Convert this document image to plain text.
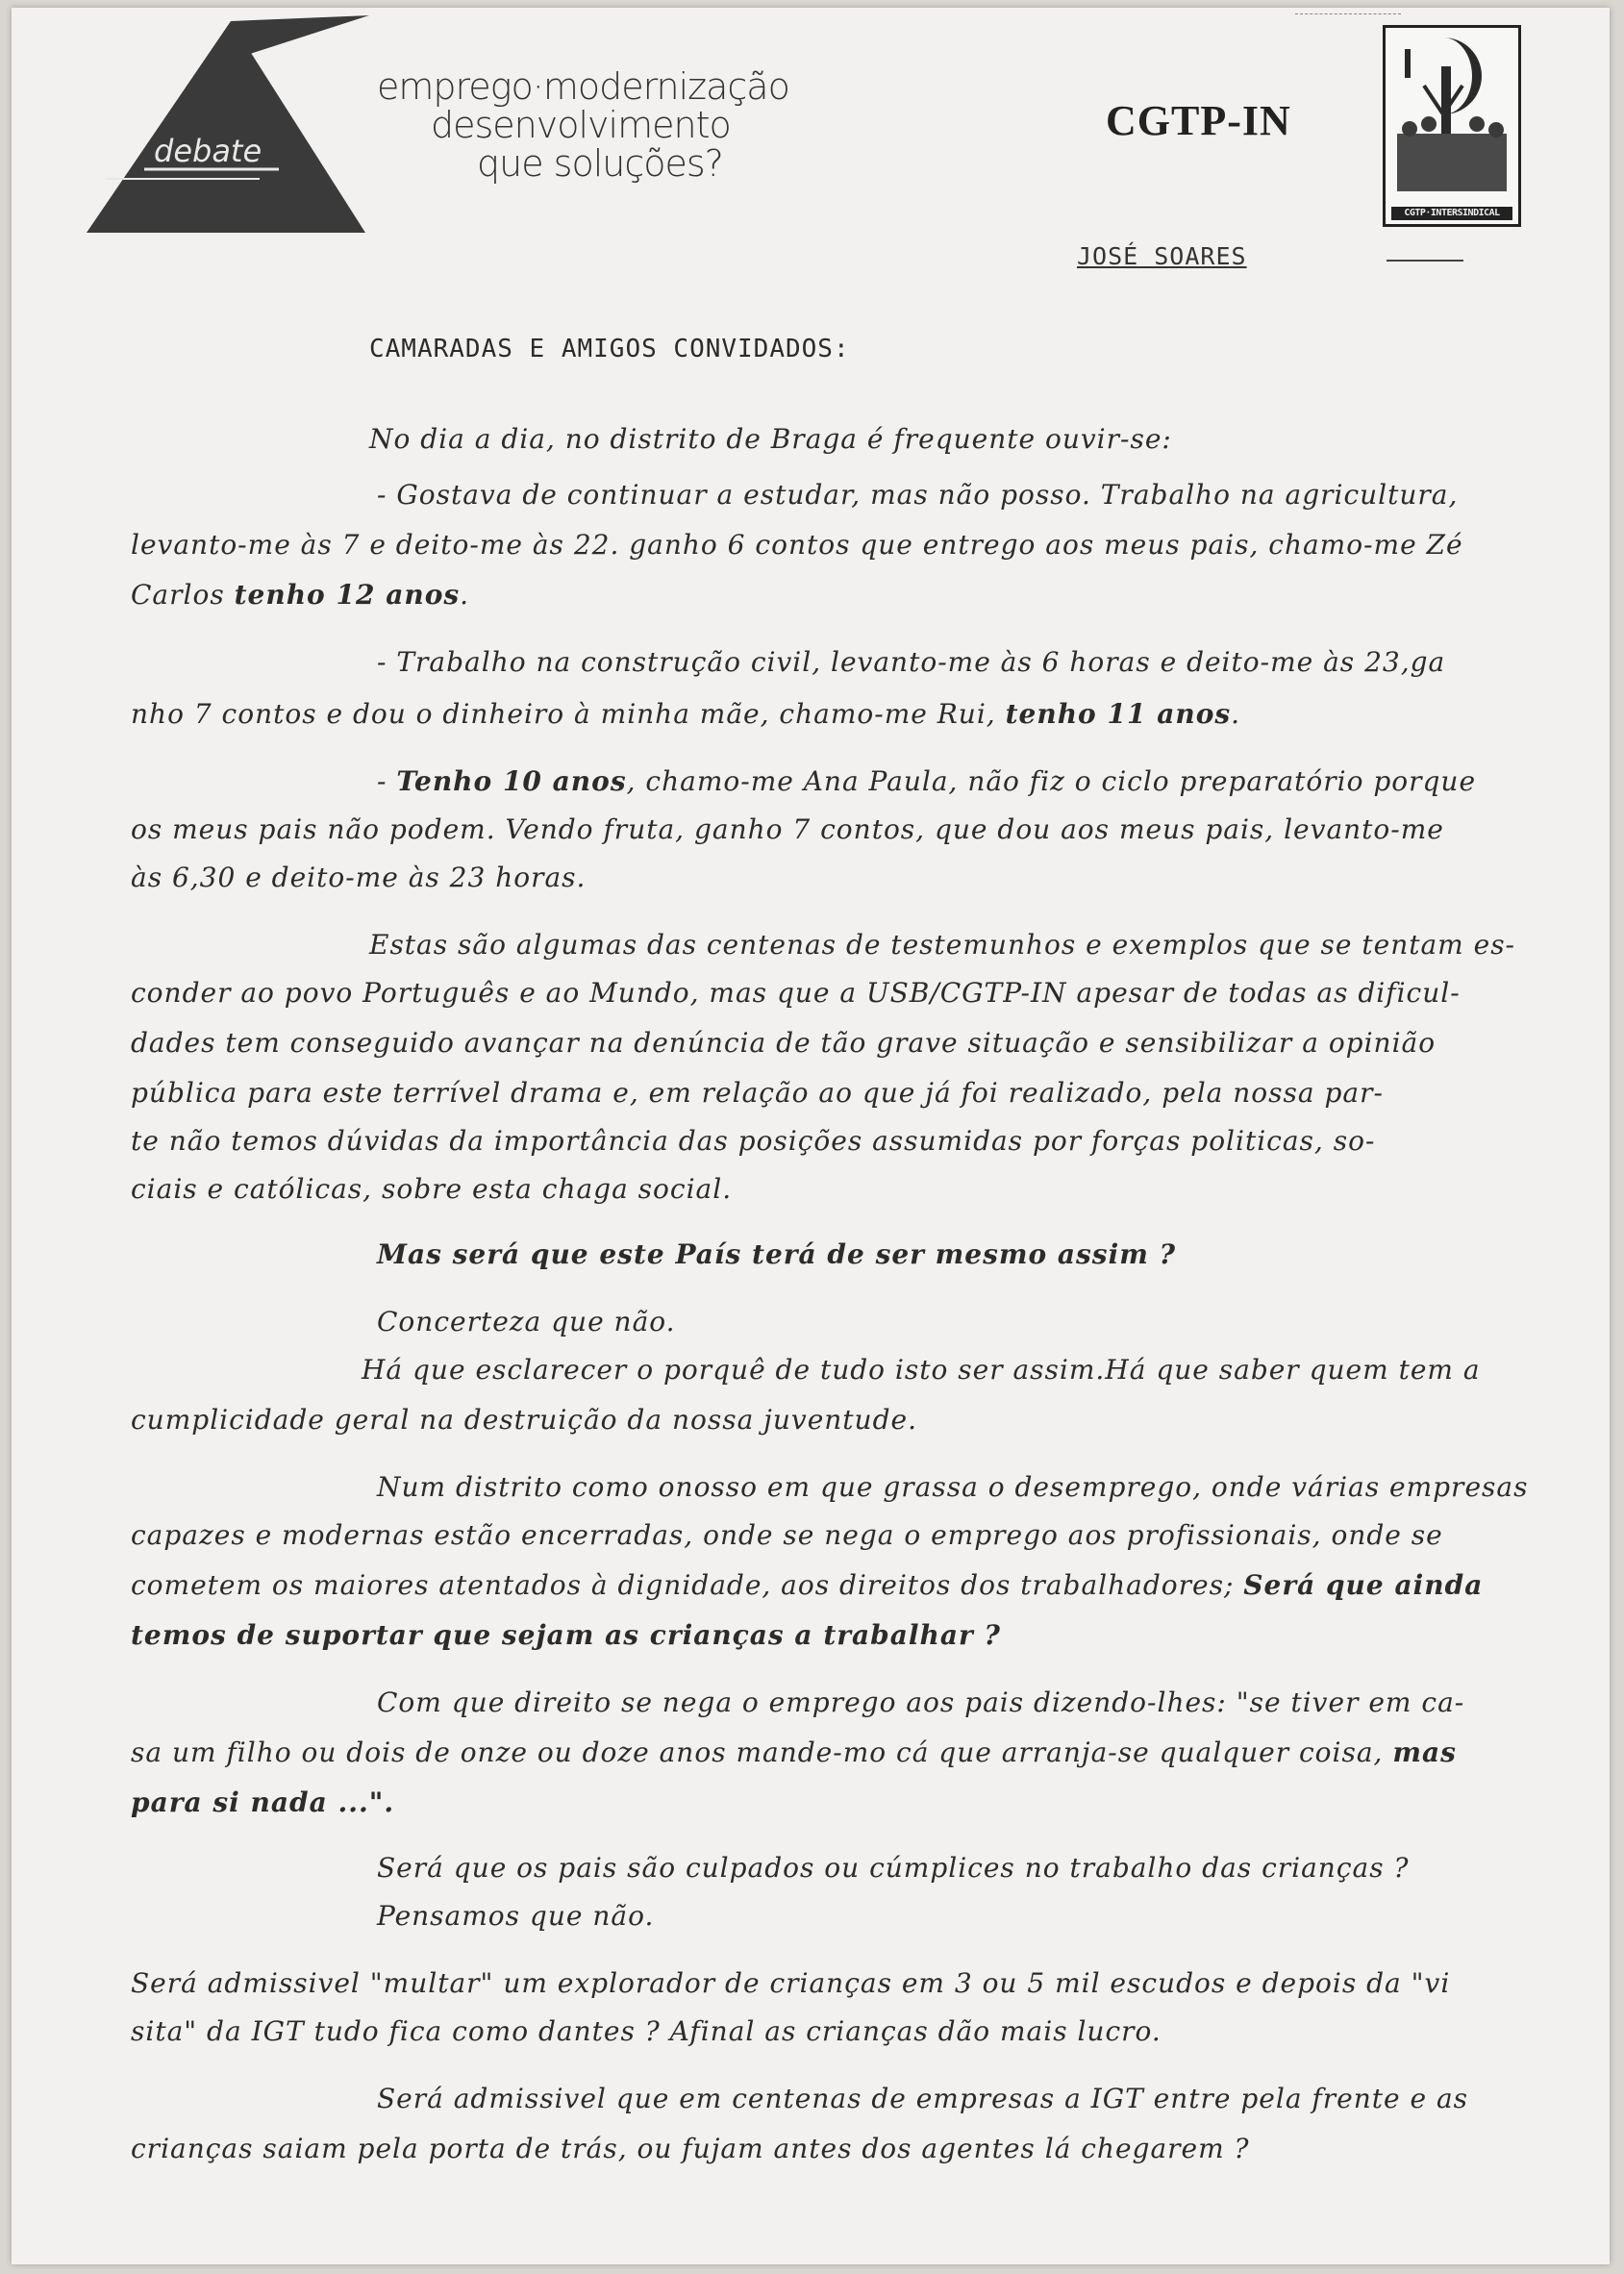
debate
emprego·modernização
desenvolvimento
que soluções?
CGTP-IN
CGTP·INTERSINDICAL
JOSÉ SOARES
CAMARADAS E AMIGOS CONVIDADOS:
No dia a dia, no distrito de Braga é frequente ouvir-se:
- Gostava de continuar a estudar, mas não posso. Trabalho na agricultura,
levanto-me às 7 e deito-me às 22. ganho 6 contos que entrego aos meus pais, chamo-me Zé
Carlos tenho 12 anos.
- Trabalho na construção civil, levanto-me às 6 horas e deito-me às 23,ga
nho 7 contos e dou o dinheiro à minha mãe, chamo-me Rui, tenho 11 anos.
- Tenho 10 anos, chamo-me Ana Paula, não fiz o ciclo preparatório porque
os meus pais não podem. Vendo fruta, ganho 7 contos, que dou aos meus pais, levanto-me
às 6,30 e deito-me às 23 horas.
Estas são algumas das centenas de testemunhos e exemplos que se tentam es-
conder ao povo Português e ao Mundo, mas que a USB/CGTP-IN apesar de todas as dificul-
dades tem conseguido avançar na denúncia de tão grave situação e sensibilizar a opinião
pública para este terrível drama e, em relação ao que já foi realizado, pela nossa par-
te não temos dúvidas da importância das posições assumidas por forças politicas, so-
ciais e católicas, sobre esta chaga social.
Mas será que este País terá de ser mesmo assim ?
Concerteza que não.
Há que esclarecer o porquê de tudo isto ser assim.Há que saber quem tem a
cumplicidade geral na destruição da nossa juventude.
Num distrito como onosso em que grassa o desemprego, onde várias empresas
capazes e modernas estão encerradas, onde se nega o emprego aos profissionais, onde se
cometem os maiores atentados à dignidade, aos direitos dos trabalhadores; Será que ainda
temos de suportar que sejam as crianças a trabalhar ?
Com que direito se nega o emprego aos pais dizendo-lhes: "se tiver em ca-
sa um filho ou dois de onze ou doze anos mande-mo cá que arranja-se qualquer coisa, mas
para si nada ...".
Será que os pais são culpados ou cúmplices no trabalho das crianças ?
Pensamos que não.
Será admissivel "multar" um explorador de crianças em 3 ou 5 mil escudos e depois da "vi
sita" da IGT tudo fica como dantes ? Afinal as crianças dão mais lucro.
Será admissivel que em centenas de empresas a IGT entre pela frente e as
crianças saiam pela porta de trás, ou fujam antes dos agentes lá chegarem ?
